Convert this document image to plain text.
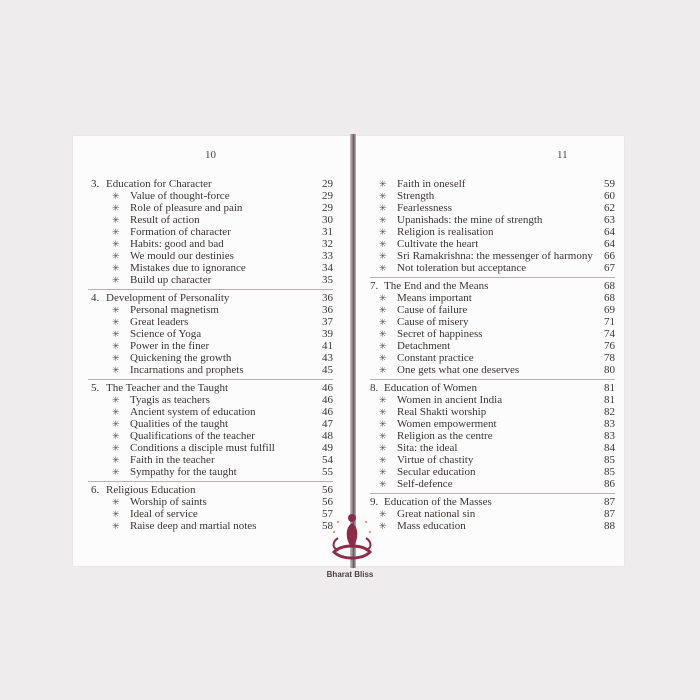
10
3. Education for Character	29
✳ Value of thought-force	29
✳ Role of pleasure and pain	29
✳ Result of action	30
✳ Formation of character	31
✳ Habits: good and bad	32
✳ We mould our destinies	33
✳ Mistakes due to ignorance	34
✳ Build up character	35
4. Development of Personality	36
✳ Personal magnetism	36
✳ Great leaders	37
✳ Science of Yoga	39
✳ Power in the finer	41
✳ Quickening the growth	43
✳ Incarnations and prophets	45
5. The Teacher and the Taught	46
✳ Tyagis as teachers	46
✳ Ancient system of education	46
✳ Qualities of the taught	47
✳ Qualifications of the teacher	48
✳ Conditions a disciple must fulfill	49
✳ Faith in the teacher	54
✳ Sympathy for the taught	55
6. Religious Education	56
✳ Worship of saints	56
✳ Ideal of service	57
✳ Raise deep and martial notes	58
11
✳ Faith in oneself	59
✳ Strength	60
✳ Fearlessness	62
✳ Upanishads: the mine of strength	63
✳ Religion is realisation	64
✳ Cultivate the heart	64
✳ Sri Ramakrishna: the messenger of harmony 66
✳ Not toleration but acceptance	67
7. The End and the Means	68
✳ Means important	68
✳ Cause of failure	69
✳ Cause of misery	71
✳ Secret of happiness	74
✳ Detachment	76
✳ Constant practice	78
✳ One gets what one deserves	80
8. Education of Women	81
✳ Women in ancient India	81
✳ Real Shakti worship	82
✳ Women empowerment	83
✳ Religion as the centre	83
✳ Sita: the ideal	84
✳ Virtue of chastity	85
✳ Secular education	85
✳ Self-defence	86
9. Education of the Masses	87
✳ Great national sin	87
✳ Mass education	88
Bharat Bliss
